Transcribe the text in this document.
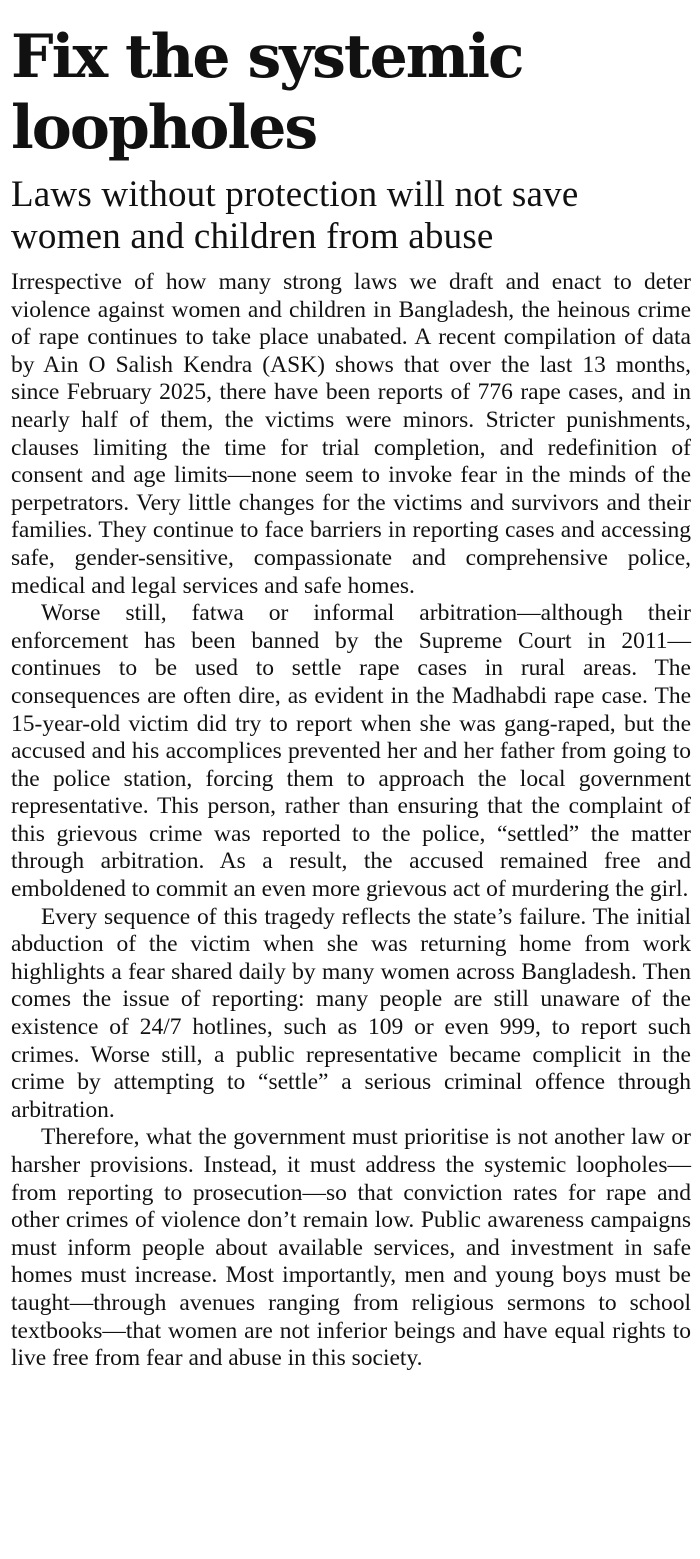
Fix the systemic loopholes
Laws without protection will not save women and children from abuse

Irrespective of how many strong laws we draft and enact to deter violence against women and children in Bangladesh, the heinous crime of rape continues to take place unabated. A recent compilation of data by Ain O Salish Kendra (ASK) shows that over the last 13 months, since February 2025, there have been reports of 776 rape cases, and in nearly half of them, the victims were minors. Stricter punishments, clauses limiting the time for trial completion, and redefinition of consent and age limits—none seem to invoke fear in the minds of the perpetrators. Very little changes for the victims and survivors and their families. They continue to face barriers in reporting cases and accessing safe, gender-sensitive, compassionate and comprehensive police, medical and legal services and safe homes.

Worse still, fatwa or informal arbitration—although their enforcement has been banned by the Supreme Court in 2011—continues to be used to settle rape cases in rural areas. The consequences are often dire, as evident in the Madhabdi rape case. The 15-year-old victim did try to report when she was gang-raped, but the accused and his accomplices prevented her and her father from going to the police station, forcing them to approach the local government representative. This person, rather than ensuring that the complaint of this grievous crime was reported to the police, “settled” the matter through arbitration. As a result, the accused remained free and emboldened to commit an even more grievous act of murdering the girl.

Every sequence of this tragedy reflects the state’s failure. The initial abduction of the victim when she was returning home from work highlights a fear shared daily by many women across Bangladesh. Then comes the issue of reporting: many people are still unaware of the existence of 24/7 hotlines, such as 109 or even 999, to report such crimes. Worse still, a public representative became complicit in the crime by attempting to “settle” a serious criminal offence through arbitration.

Therefore, what the government must prioritise is not another law or harsher provisions. Instead, it must address the systemic loopholes—from reporting to prosecution—so that conviction rates for rape and other crimes of violence don’t remain low. Public awareness campaigns must inform people about available services, and investment in safe homes must increase. Most importantly, men and young boys must be taught—through avenues ranging from religious sermons to school textbooks—that women are not inferior beings and have equal rights to live free from fear and abuse in this society.
